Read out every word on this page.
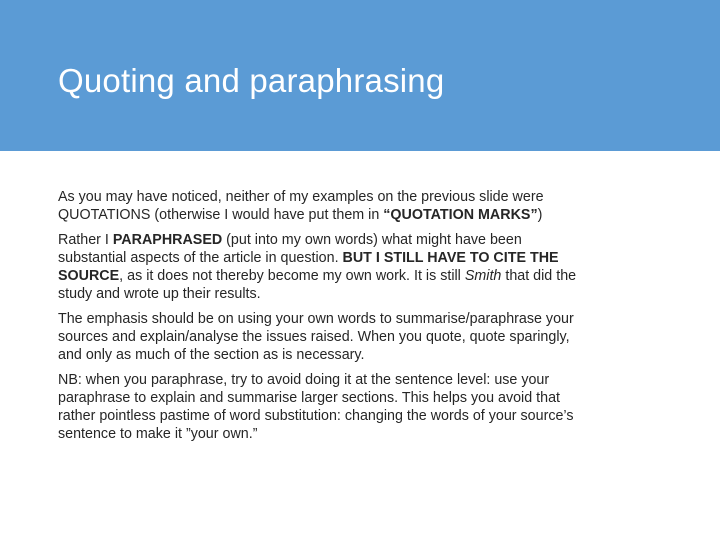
Quoting and paraphrasing

As you may have noticed, neither of my examples on the previous slide were
QUOTATIONS (otherwise I would have put them in “QUOTATION MARKS”)

Rather I PARAPHRASED (put into my own words) what might have been
substantial aspects of the article in question. BUT I STILL HAVE TO CITE THE
SOURCE, as it does not thereby become my own work. It is still Smith that did the
study and wrote up their results.

The emphasis should be on using your own words to summarise/paraphrase your
sources and explain/analyse the issues raised. When you quote, quote sparingly,
and only as much of the section as is necessary.

NB: when you paraphrase, try to avoid doing it at the sentence level: use your
paraphrase to explain and summarise larger sections. This helps you avoid that
rather pointless pastime of word substitution: changing the words of your source’s
sentence to make it ”your own.”
